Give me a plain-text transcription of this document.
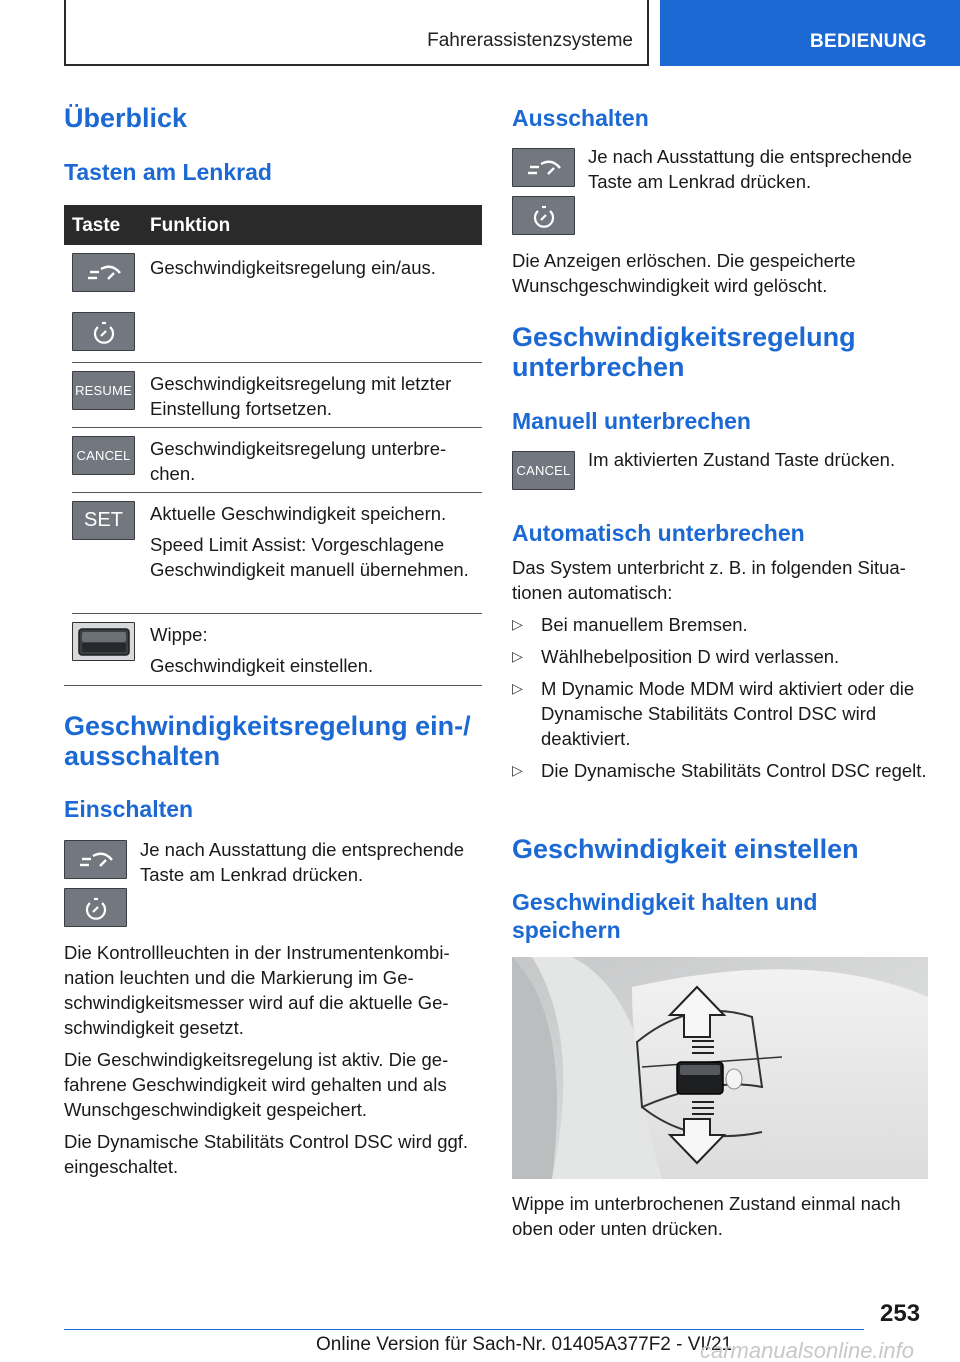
Fahrerassistenzsysteme	BEDIENUNG
Überblick
Tasten am Lenkrad
Taste Funktion
Geschwindigkeitsregelung ein/aus.
RESUME Geschwindigkeitsregelung mit letzter Einstellung fortsetzen.
CANCEL Geschwindigkeitsregelung unterbrechen.
SET Aktuelle Geschwindigkeit speichern.
Speed Limit Assist: Vorgeschlagene Geschwindigkeit manuell übernehmen.
Wippe:
Geschwindigkeit einstellen.
Geschwindigkeitsregelung ein-/ ausschalten
Einschalten
Je nach Ausstattung die entsprechende Taste am Lenkrad drücken.
Die Kontrollleuchten in der Instrumentenkombination leuchten und die Markierung im Geschwindigkeitsmesser wird auf die aktuelle Geschwindigkeit gesetzt.
Die Geschwindigkeitsregelung ist aktiv. Die gefahrene Geschwindigkeit wird gehalten und als Wunschgeschwindigkeit gespeichert.
Die Dynamische Stabilitäts Control DSC wird ggf. eingeschaltet.
Ausschalten
Je nach Ausstattung die entsprechende Taste am Lenkrad drücken.
Die Anzeigen erlöschen. Die gespeicherte Wunschgeschwindigkeit wird gelöscht.
Geschwindigkeitsregelung unterbrechen
Manuell unterbrechen
CANCEL
Im aktivierten Zustand Taste drücken.
Automatisch unterbrechen
Das System unterbricht z. B. in folgenden Situationen automatisch:
▷ Bei manuellem Bremsen.
▷ Wählhebelposition D wird verlassen.
▷ M Dynamic Mode MDM wird aktiviert oder die Dynamische Stabilitäts Control DSC wird deaktiviert.
▷ Die Dynamische Stabilitäts Control DSC regelt.
Geschwindigkeit einstellen
Geschwindigkeit halten und speichern
Wippe im unterbrochenen Zustand einmal nach oben oder unten drücken.
253
Online Version für Sach-Nr. 01405A377F2 - VI/21
carmanualsonline.info
